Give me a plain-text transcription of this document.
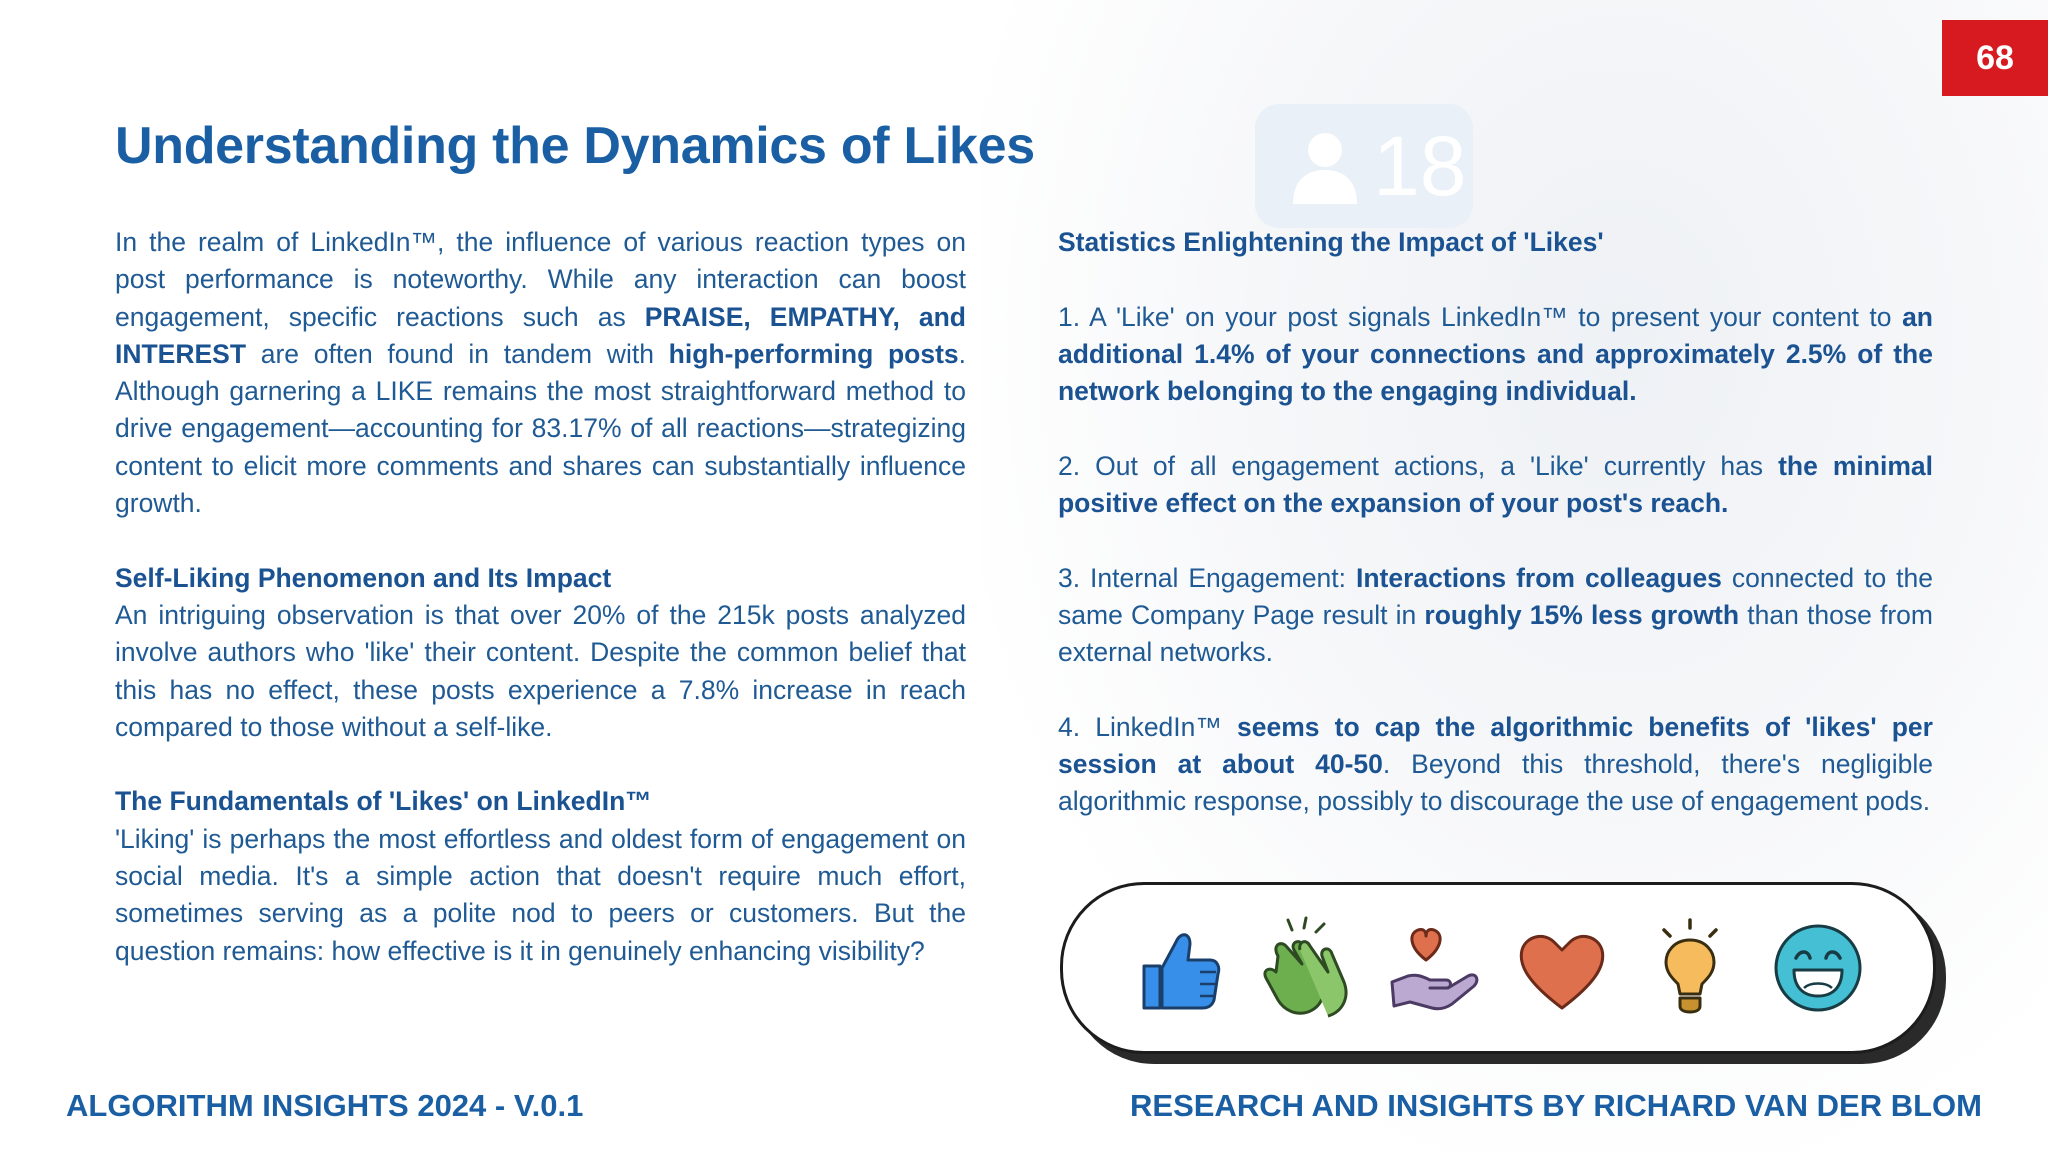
18
68
Understanding the Dynamics of Likes

In the realm of LinkedIn™, the influence of various reaction types on post performance is noteworthy. While any interaction can boost engagement, specific reactions such as PRAISE, EMPATHY, and INTEREST are often found in tandem with high-performing posts. Although garnering a LIKE remains the most straightforward method to drive engagement—accounting for 83.17% of all reactions—strategizing content to elicit more comments and shares can substantially influence growth.

Self-Liking Phenomenon and Its Impact

An intriguing observation is that over 20% of the 215k posts analyzed involve authors who 'like' their content. Despite the common belief that this has no effect, these posts experience a 7.8% increase in reach compared to those without a self-like.

The Fundamentals of 'Likes' on LinkedIn™

'Liking' is perhaps the most effortless and oldest form of engagement on social media. It's a simple action that doesn't require much effort, sometimes serving as a polite nod to peers or customers. But the question remains: how effective is it in genuinely enhancing visibility?

Statistics Enlightening the Impact of 'Likes'

1. A 'Like' on your post signals LinkedIn™ to present your content to an additional 1.4% of your connections and approximately 2.5% of the network belonging to the engaging individual.

2. Out of all engagement actions, a 'Like' currently has the minimal positive effect on the expansion of your post's reach.

3. Internal Engagement: Interactions from colleagues connected to the same Company Page result in roughly 15% less growth than those from external networks.

4. LinkedIn™ seems to cap the algorithmic benefits of 'likes' per session at about 40-50. Beyond this threshold, there's negligible algorithmic response, possibly to discourage the use of engagement pods.

ALGORITHM INSIGHTS 2024 - V.0.1	RESEARCH AND INSIGHTS BY RICHARD VAN DER BLOM
